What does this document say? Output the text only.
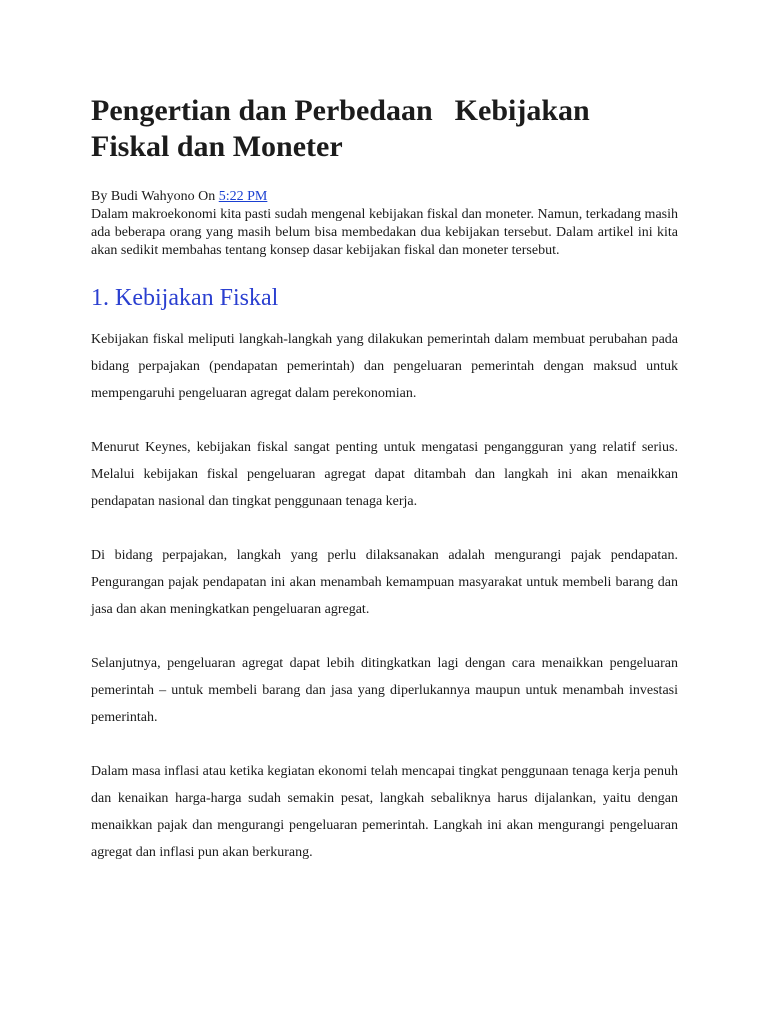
Pengertian dan Perbedaan Kebijakan
Fiskal dan Moneter
By Budi Wahyono On 5:22 PM

Dalam makroekonomi kita pasti sudah mengenal kebijakan fiskal dan moneter. Namun, terkadang masih ada beberapa orang yang masih belum bisa membedakan dua kebijakan tersebut. Dalam artikel ini kita akan sedikit membahas tentang konsep dasar kebijakan fiskal dan moneter tersebut.

1. Kebijakan Fiskal

Kebijakan fiskal meliputi langkah-langkah yang dilakukan pemerintah dalam membuat perubahan pada bidang perpajakan (pendapatan pemerintah) dan pengeluaran pemerintah dengan maksud untuk mempengaruhi pengeluaran agregat dalam perekonomian.

Menurut Keynes, kebijakan fiskal sangat penting untuk mengatasi pengangguran yang relatif serius. Melalui kebijakan fiskal pengeluaran agregat dapat ditambah dan langkah ini akan menaikkan pendapatan nasional dan tingkat penggunaan tenaga kerja.

Di bidang perpajakan, langkah yang perlu dilaksanakan adalah mengurangi pajak pendapatan. Pengurangan pajak pendapatan ini akan menambah kemampuan masyarakat untuk membeli barang dan jasa dan akan meningkatkan pengeluaran agregat.

Selanjutnya, pengeluaran agregat dapat lebih ditingkatkan lagi dengan cara menaikkan pengeluaran pemerintah – untuk membeli barang dan jasa yang diperlukannya maupun untuk menambah investasi pemerintah.

Dalam masa inflasi atau ketika kegiatan ekonomi telah mencapai tingkat penggunaan tenaga kerja penuh dan kenaikan harga-harga sudah semakin pesat, langkah sebaliknya harus dijalankan, yaitu dengan menaikkan pajak dan mengurangi pengeluaran pemerintah. Langkah ini akan mengurangi pengeluaran agregat dan inflasi pun akan berkurang.
